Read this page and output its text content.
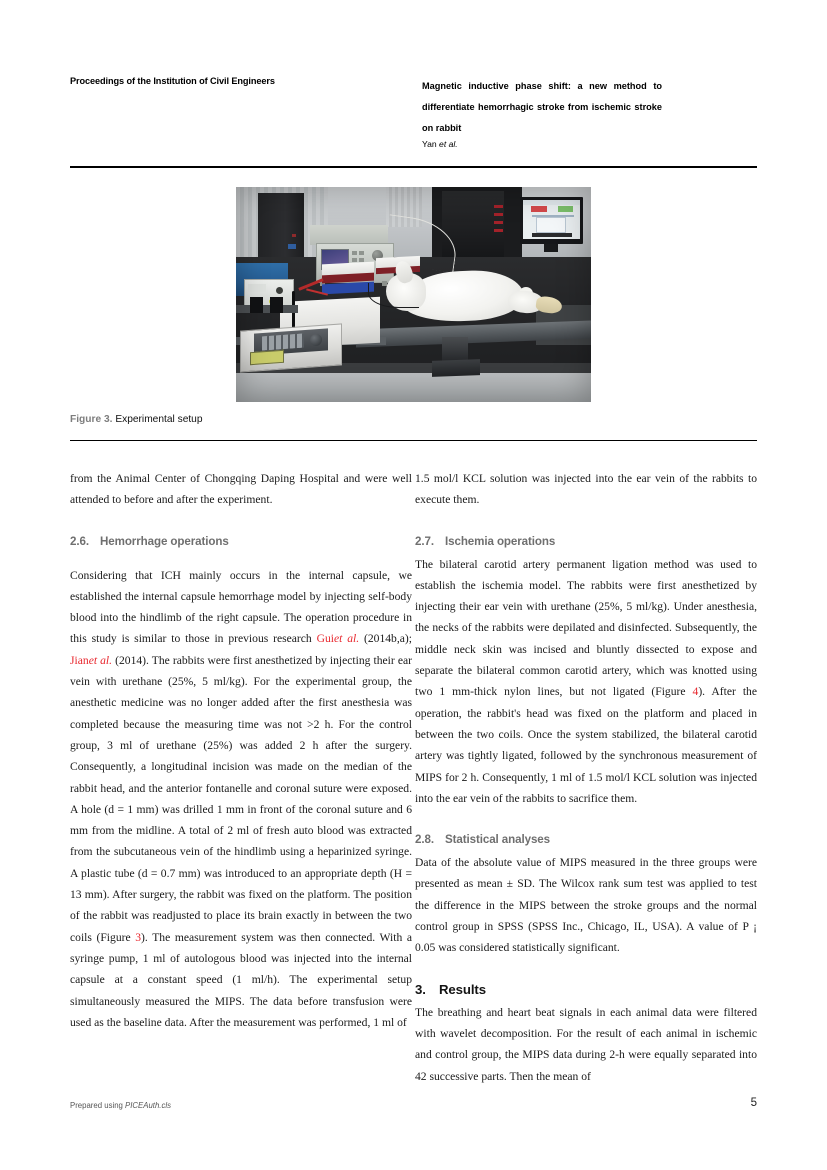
Proceedings of the Institution of Civil Engineers	Magnetic inductive phase shift: a new method to differentiate hemorrhagic stroke from ischemic stroke on rabbit
Yan et al.
Figure 3. Experimental setup

from the Animal Center of Chongqing Daping Hospital and were well attended to before and after the experiment.

2.6. Hemorrhage operations

Considering that ICH mainly occurs in the internal capsule, we established the internal capsule hemorrhage model by injecting self-body blood into the hindlimb of the right capsule. The operation procedure in this study is similar to those in previous research Guiet al. (2014b,a); Jianet al. (2014). The rabbits were first anesthetized by injecting their ear vein with urethane (25%, 5 ml/kg). For the experimental group, the anesthetic medicine was no longer added after the first anesthesia was completed because the measuring time was not >2 h. For the control group, 3 ml of urethane (25%) was added 2 h after the surgery. Consequently, a longitudinal incision was made on the median of the rabbit head, and the anterior fontanelle and coronal suture were exposed. A hole (d = 1 mm) was drilled 1 mm in front of the coronal suture and 6 mm from the midline. A total of 2 ml of fresh auto blood was extracted from the subcutaneous vein of the hindlimb using a heparinized syringe. A plastic tube (d = 0.7 mm) was introduced to an appropriate depth (H = 13 mm). After surgery, the rabbit was fixed on the platform. The position of the rabbit was readjusted to place its brain exactly in between the two coils (Figure 3). The measurement system was then connected. With a syringe pump, 1 ml of autologous blood was injected into the internal capsule at a constant speed (1 ml/h). The experimental setup simultaneously measured the MIPS. The data before transfusion were used as the baseline data. After the measurement was performed, 1 ml of

1.5 mol/l KCL solution was injected into the ear vein of the rabbits to execute them.

2.7. Ischemia operations

The bilateral carotid artery permanent ligation method was used to establish the ischemia model. The rabbits were first anesthetized by injecting their ear vein with urethane (25%, 5 ml/kg). Under anesthesia, the necks of the rabbits were depilated and disinfected. Subsequently, the middle neck skin was incised and bluntly dissected to expose and separate the bilateral common carotid artery, which was knotted using two 1 mm-thick nylon lines, but not ligated (Figure 4). After the operation, the rabbit's head was fixed on the platform and placed in between the two coils. Once the system stabilized, the bilateral carotid artery was tightly ligated, followed by the synchronous measurement of MIPS for 2 h. Consequently, 1 ml of 1.5 mol/l KCL solution was injected into the ear vein of the rabbits to sacrifice them.

2.8. Statistical analyses

Data of the absolute value of MIPS measured in the three groups were presented as mean ± SD. The Wilcox rank sum test was applied to test the difference in the MIPS between the stroke groups and the normal control group in SPSS (SPSS Inc., Chicago, IL, USA). A value of P ¡ 0.05 was considered statistically significant.

3. Results

The breathing and heart beat signals in each animal data were filtered with wavelet decomposition. For the result of each animal in ischemic and control group, the MIPS data during 2-h were equally separated into 42 successive parts. Then the mean of

Prepared using PICEAuth.cls	5
